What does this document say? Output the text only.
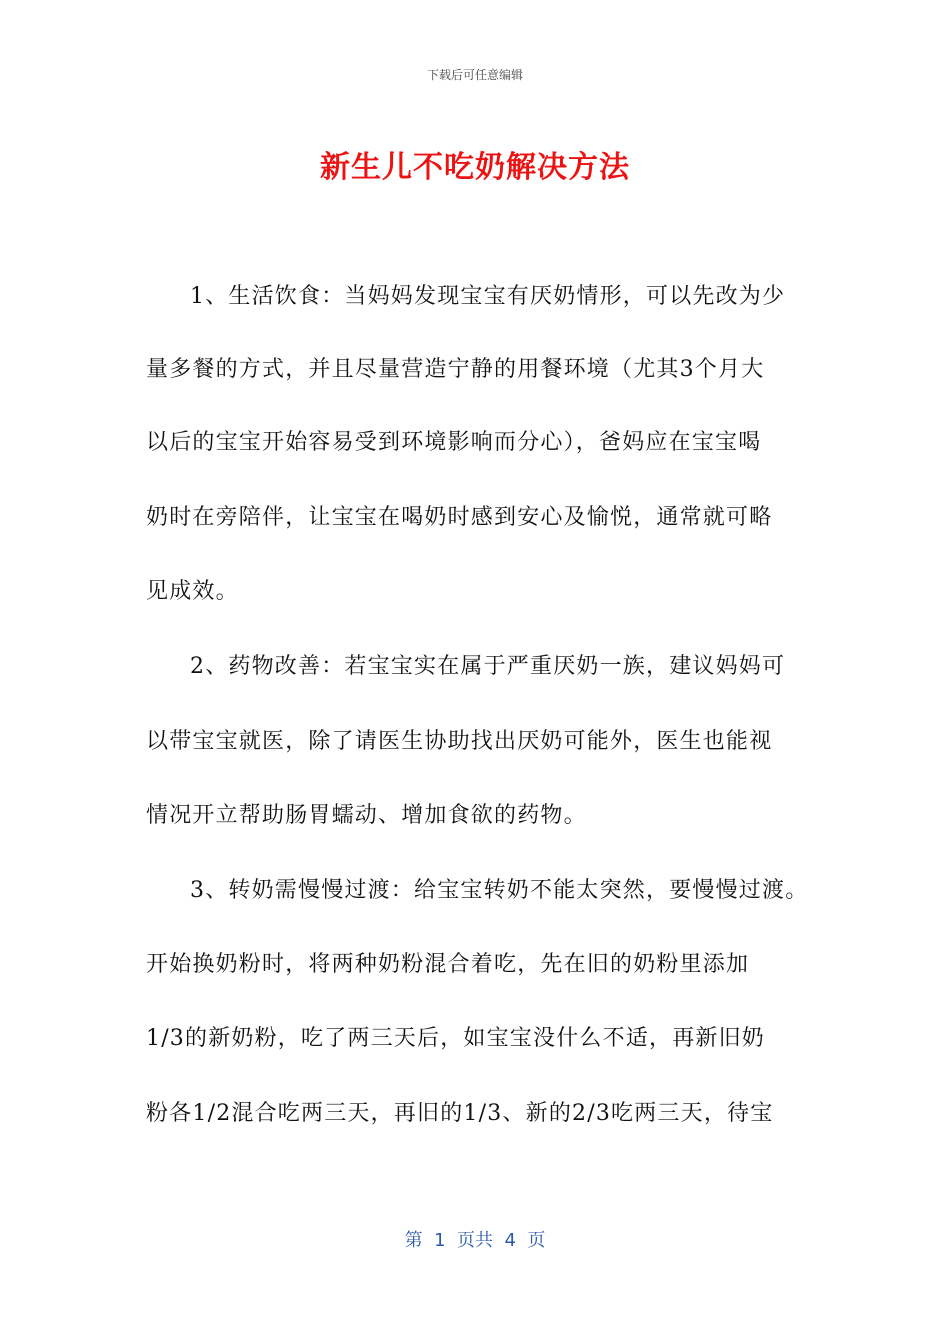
下载后可任意编辑
新生儿不吃奶解决方法
1、生活饮食：当妈妈发现宝宝有厌奶情形，可以先改为少
量多餐的方式，并且尽量营造宁静的用餐环境（尤其3个月大
以后的宝宝开始容易受到环境影响而分心），爸妈应在宝宝喝
奶时在旁陪伴，让宝宝在喝奶时感到安心及愉悦，通常就可略
见成效。
2、药物改善：若宝宝实在属于严重厌奶一族，建议妈妈可
以带宝宝就医，除了请医生协助找出厌奶可能外，医生也能视
情况开立帮助肠胃蠕动、增加食欲的药物。
3、转奶需慢慢过渡：给宝宝转奶不能太突然，要慢慢过渡。
开始换奶粉时，将两种奶粉混合着吃，先在旧的奶粉里添加
1/3的新奶粉，吃了两三天后，如宝宝没什么不适，再新旧奶
粉各1/2混合吃两三天，再旧的1/3、新的2/3吃两三天，待宝
第  1  页共  4  页
